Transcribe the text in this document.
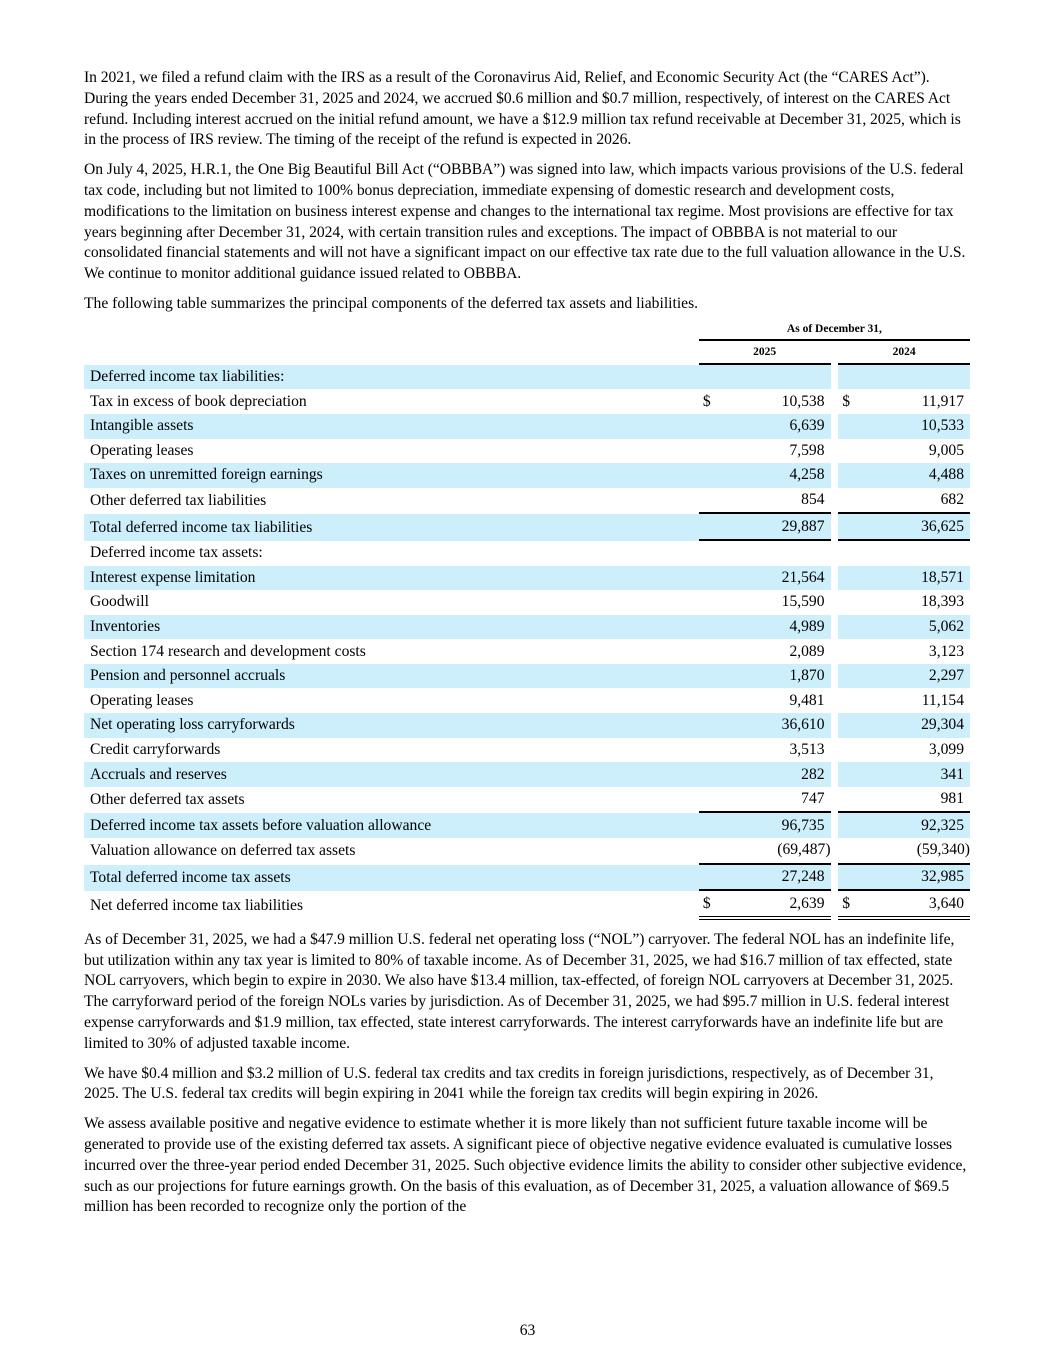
In 2021, we filed a refund claim with the IRS as a result of the Coronavirus Aid, Relief, and Economic Security Act (the “CARES Act”). During the years ended December 31, 2025 and 2024, we accrued $0.6 million and $0.7 million, respectively, of interest on the CARES Act refund. Including interest accrued on the initial refund amount, we have a $12.9 million tax refund receivable at December 31, 2025, which is in the process of IRS review. The timing of the receipt of the refund is expected in 2026.

On July 4, 2025, H.R.1, the One Big Beautiful Bill Act (“OBBBA”) was signed into law, which impacts various provisions of the U.S. federal tax code, including but not limited to 100% bonus depreciation, immediate expensing of domestic research and development costs, modifications to the limitation on business interest expense and changes to the international tax regime. Most provisions are effective for tax years beginning after December 31, 2024, with certain transition rules and exceptions. The impact of OBBBA is not material to our consolidated financial statements and will not have a significant impact on our effective tax rate due to the full valuation allowance in the U.S. We continue to monitor additional guidance issued related to OBBBA.

The following table summarizes the principal components of the deferred tax assets and liabilities.

	As of December 31,				
	2025			2024	
Deferred income tax liabilities:					
Tax in excess of book depreciation	$	10,538		$	11,917
Intangible assets		6,639			10,533
Operating leases		7,598			9,005
Taxes on unremitted foreign earnings		4,258			4,488
Other deferred tax liabilities		854			682
Total deferred income tax liabilities		29,887			36,625
Deferred income tax assets:					
Interest expense limitation		21,564			18,571
Goodwill		15,590			18,393
Inventories		4,989			5,062
Section 174 research and development costs		2,089			3,123
Pension and personnel accruals		1,870			2,297
Operating leases		9,481			11,154
Net operating loss carryforwards		36,610			29,304
Credit carryforwards		3,513			3,099
Accruals and reserves		282			341
Other deferred tax assets		747			981
Deferred income tax assets before valuation allowance		96,735			92,325
Valuation allowance on deferred tax assets		(69,487)			(59,340)
Total deferred income tax assets		27,248			32,985
Net deferred income tax liabilities	$	2,639		$	3,640

As of December 31, 2025, we had a $47.9 million U.S. federal net operating loss (“NOL”) carryover. The federal NOL has an indefinite life, but utilization within any tax year is limited to 80% of taxable income. As of December 31, 2025, we had $16.7 million of tax effected, state NOL carryovers, which begin to expire in 2030. We also have $13.4 million, tax-effected, of foreign NOL carryovers at December 31, 2025. The carryforward period of the foreign NOLs varies by jurisdiction. As of December 31, 2025, we had $95.7 million in U.S. federal interest expense carryforwards and $1.9 million, tax effected, state interest carryforwards. The interest carryforwards have an indefinite life but are limited to 30% of adjusted taxable income.

We have $0.4 million and $3.2 million of U.S. federal tax credits and tax credits in foreign jurisdictions, respectively, as of December 31, 2025. The U.S. federal tax credits will begin expiring in 2041 while the foreign tax credits will begin expiring in 2026.

We assess available positive and negative evidence to estimate whether it is more likely than not sufficient future taxable income will be generated to provide use of the existing deferred tax assets. A significant piece of objective negative evidence evaluated is cumulative losses incurred over the three-year period ended December 31, 2025. Such objective evidence limits the ability to consider other subjective evidence, such as our projections for future earnings growth. On the basis of this evaluation, as of December 31, 2025, a valuation allowance of $69.5 million has been recorded to recognize only the portion of the

63
